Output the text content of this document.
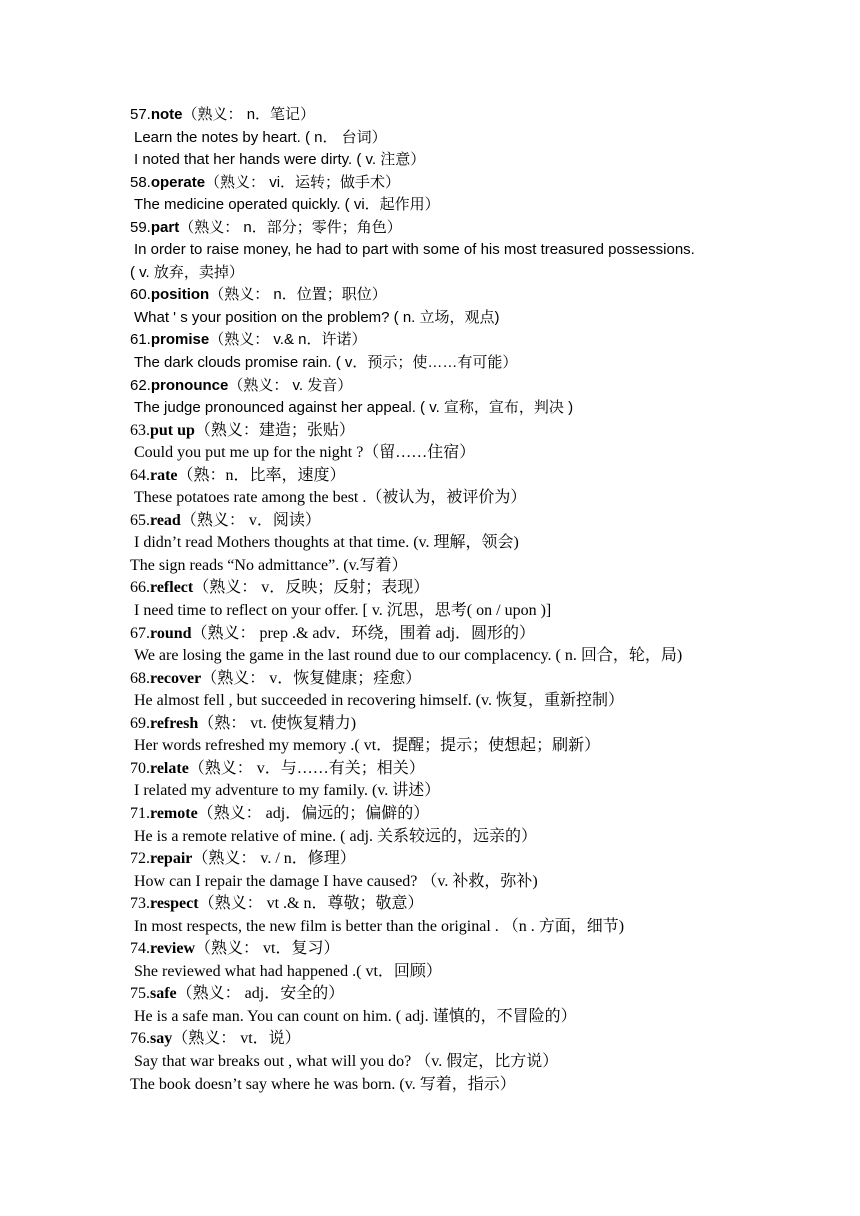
57.note（熟义： n．笔记）
Learn the notes by heart. ( n． 台词）
I noted that her hands were dirty. ( v. 注意）
58.operate（熟义： vi．运转；做手术）
The medicine operated quickly. ( vi．起作用）
59.part（熟义： n．部分；零件；角色）
In order to raise money, he had to part with some of his most treasured possessions.
( v. 放弃，卖掉）
60.position（熟义： n．位置；职位）
What ' s your position on the problem? ( n. 立场，观点)
61.promise（熟义： v.& n．许诺）
The dark clouds promise rain. ( v．预示；使……有可能）
62.pronounce（熟义： v. 发音）
The judge pronounced against her appeal. ( v. 宣称，宣布，判决 )
63.put up（熟义：建造；张贴）
Could you put me up for the night ?（留……住宿）
64.rate（熟：n．比率，速度）
These potatoes rate among the best .（被认为，被评价为）
65.read（熟义： v．阅读）
I didn’t read Mothers thoughts at that time. (v. 理解，领会)
The sign reads “No admittance”. (v.写着）
66.reflect（熟义： v．反映；反射；表现）
I need time to reflect on your offer. [ v. 沉思，思考( on / upon )]
67.round（熟义： prep .& adv．环绕，围着 adj．圆形的）
We are losing the game in the last round due to our complacency. ( n. 回合，轮，局)
68.recover（熟义： v．恢复健康；痊愈）
He almost fell , but succeeded in recovering himself. (v. 恢复，重新控制）
69.refresh（熟： vt. 使恢复精力)
Her words refreshed my memory .( vt．提醒；提示；使想起；刷新）
70.relate（熟义： v．与……有关；相关）
I related my adventure to my family. (v. 讲述）
71.remote（熟义： adj．偏远的；偏僻的）
He is a remote relative of mine. ( adj. 关系较远的，远亲的）
72.repair（熟义： v. / n．修理）
How can I repair the damage I have caused? （v. 补救，弥补)
73.respect（熟义： vt .& n．尊敬；敬意）
In most respects, the new film is better than the original . （n . 方面，细节)
74.review（熟义： vt．复习）
She reviewed what had happened .( vt．回顾）
75.safe（熟义： adj．安全的）
He is a safe man. You can count on him. ( adj. 谨慎的，不冒险的）
76.say（熟义： vt．说）
Say that war breaks out , what will you do? （v. 假定，比方说）
The book doesn’t say where he was born. (v. 写着，指示）
